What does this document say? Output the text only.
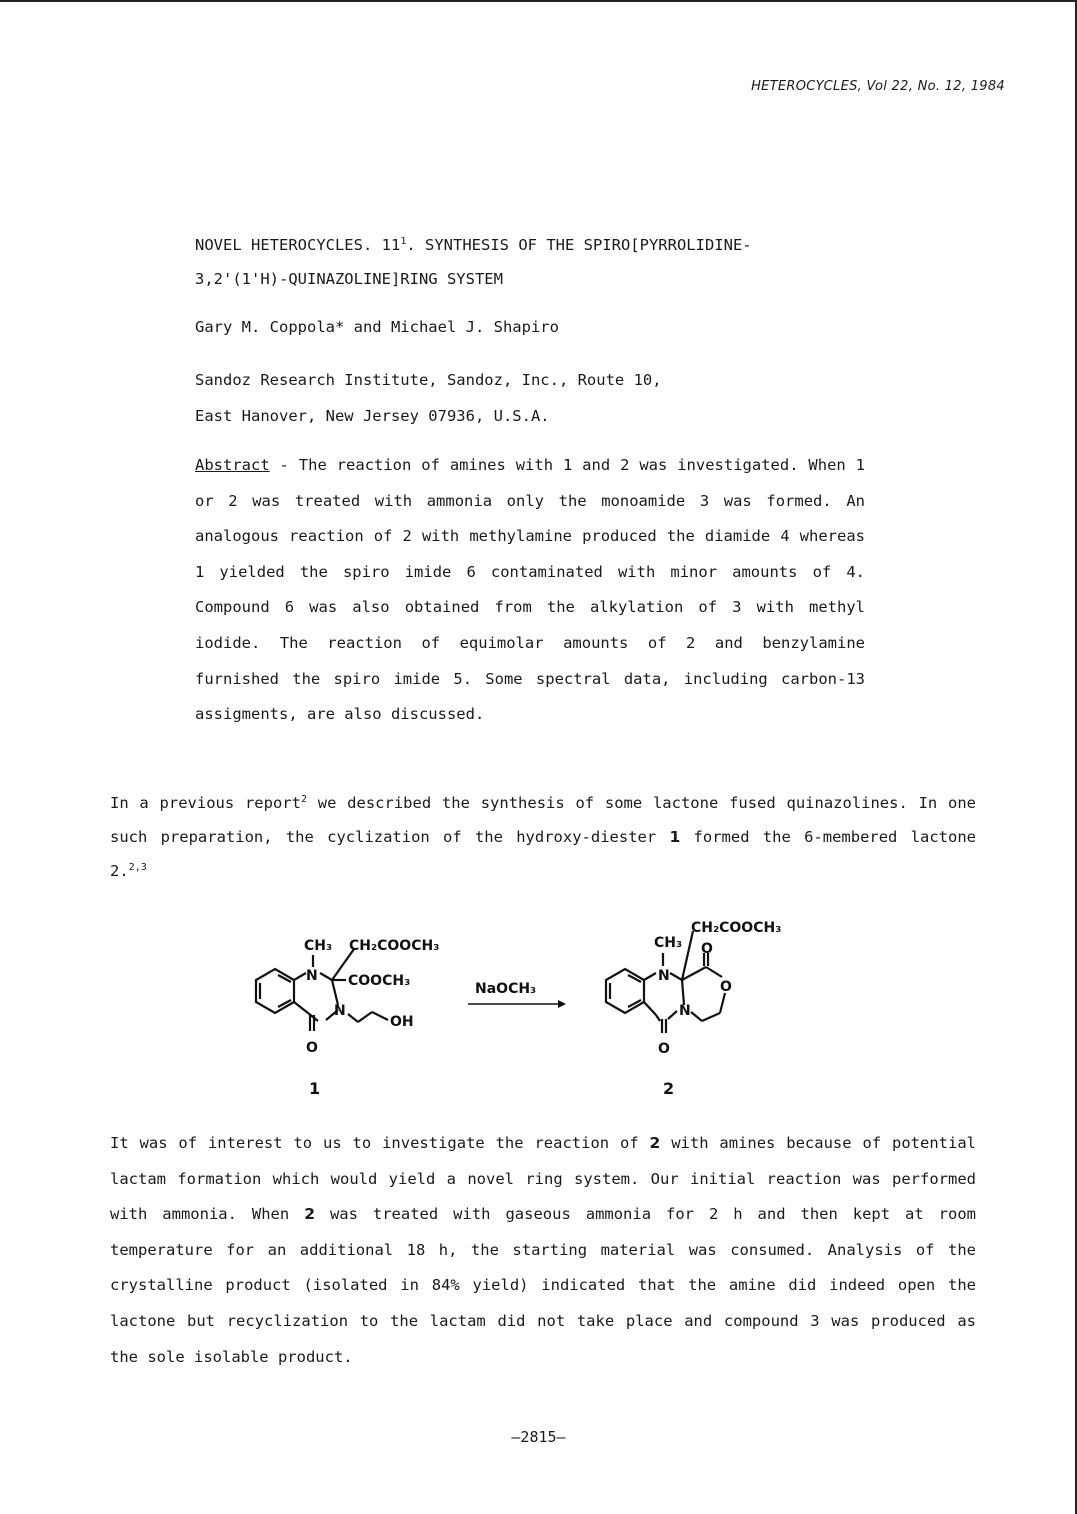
HETEROCYCLES, Vol 22, No. 12, 1984
NOVEL HETEROCYCLES. $11^1$. SYNTHESIS OF THE SPIRO[PYRROLIDINE-
3,2'(1'H)-QUINAZOLINE]RING SYSTEM
Gary M. Coppola* and Michael J. Shapiro
Sandoz Research Institute, Sandoz, Inc., Route 10,
East Hanover, New Jersey 07936, U.S.A.
Abstract - The reaction of amines with 1 and 2 was investigated. When 1 or 2 was treated with ammonia only the monoamide 3 was formed. An analogous reaction of 2 with methylamine produced the diamide 4 whereas 1 yielded the spiro imide 6 contaminated with minor amounts of 4. Compound 6 was also obtained from the alkylation of 3 with methyl iodide. The reaction of equimolar amounts of 2 and benzylamine furnished the spiro imide 5. Some spectral data, including carbon-13 assigments, are also discussed.
In a previous report$^2$ we described the synthesis of some lactone fused quinazolines. In one such preparation, the cyclization of the hydroxy-diester 1 formed the 6-membered lactone 2.$^{2,3}$
CH₃ CH₂COOCH₃
N COOCH₃
N
OH
O
1
NaOCH₃
CH₃
CH₂COOCH₃
N
O
O
N
O
2
It was of interest to us to investigate the reaction of 2 with amines because of potential lactam formation which would yield a novel ring system. Our initial reaction was performed with ammonia. When 2 was treated with gaseous ammonia for 2 h and then kept at room temperature for an additional 18 h, the starting material was consumed. Analysis of the crystalline product (isolated in 84% yield) indicated that the amine did indeed open the lactone but recyclization to the lactam did not take place and compound 3 was produced as the sole isolable product.
—2815—
